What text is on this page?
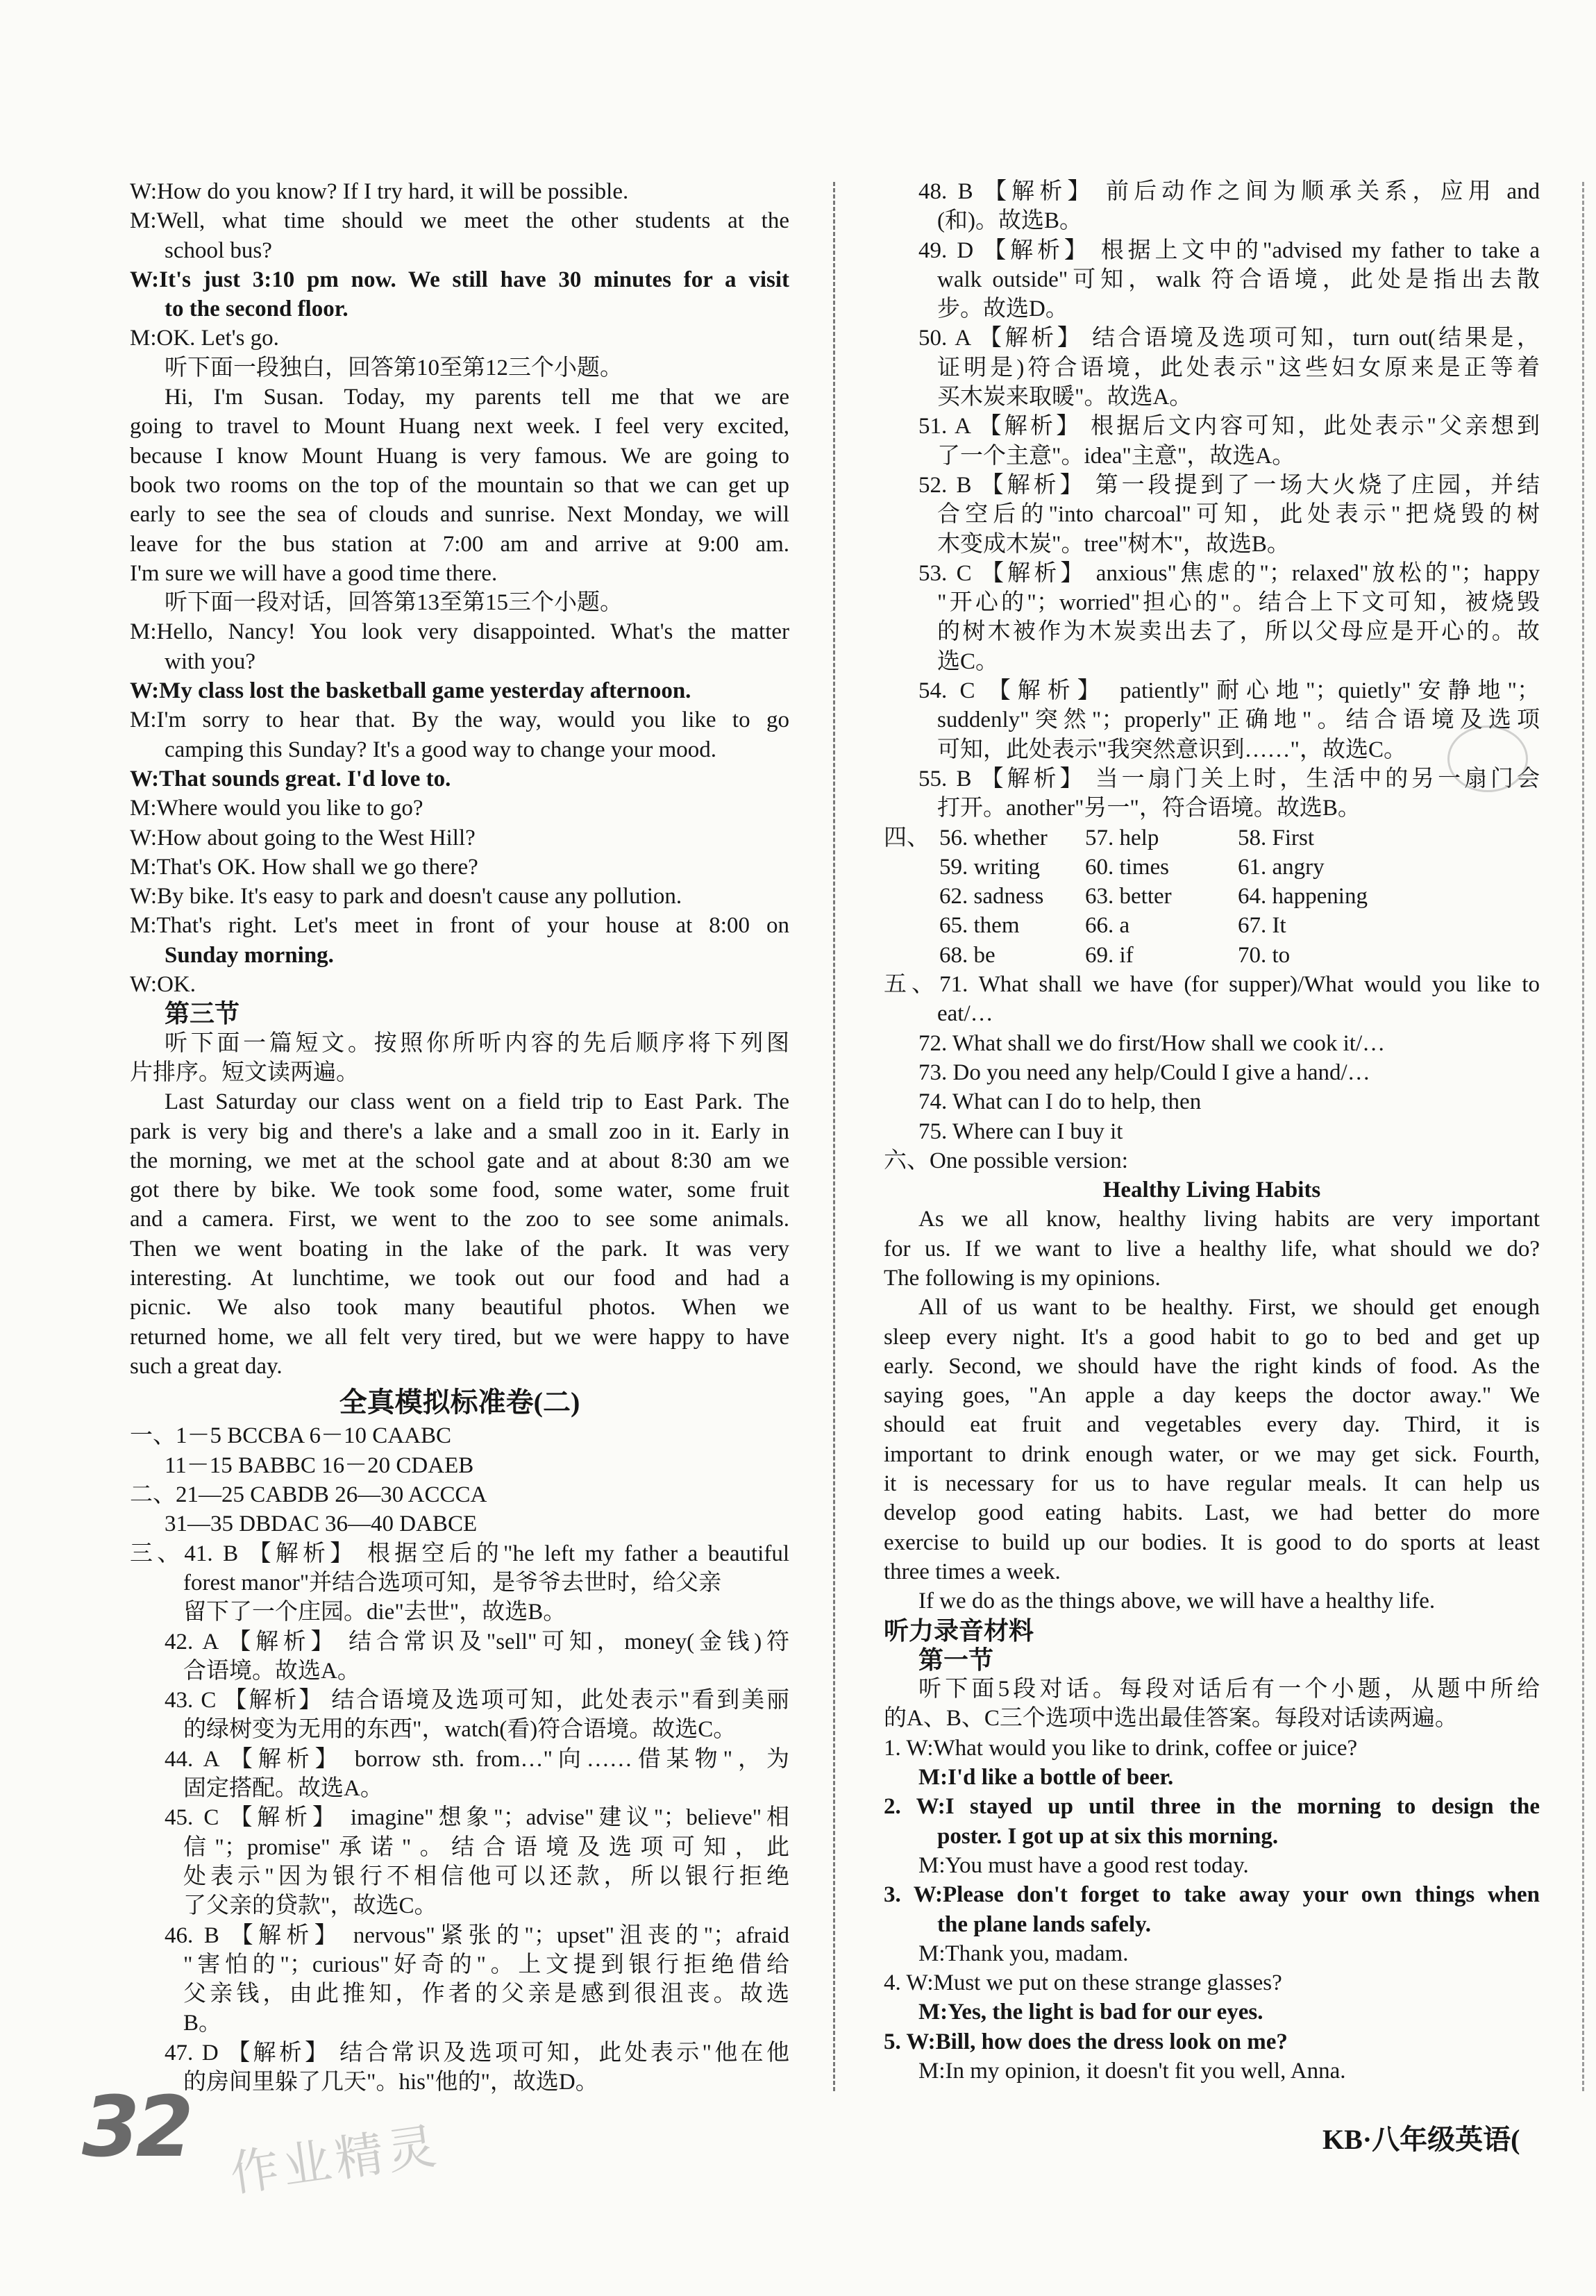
W:How do you know? If I try hard, it will be possible.
M:Well, what time should we meet the other students at the
school bus?
W:It's just 3:10 pm now. We still have 30 minutes for a visit
to the second floor.
M:OK. Let's go.
听下面一段独白，回答第10至第12三个小题。
Hi, I'm Susan. Today, my parents tell me that we are
going to travel to Mount Huang next week. I feel very excited,
because I know Mount Huang is very famous. We are going to
book two rooms on the top of the mountain so that we can get up
early to see the sea of clouds and sunrise. Next Monday, we will
leave for the bus station at 7:00 am and arrive at 9:00 am.
I'm sure we will have a good time there.
听下面一段对话，回答第13至第15三个小题。
M:Hello, Nancy! You look very disappointed. What's the matter
with you?
W:My class lost the basketball game yesterday afternoon.
M:I'm sorry to hear that. By the way, would you like to go
camping this Sunday? It's a good way to change your mood.
W:That sounds great. I'd love to.
M:Where would you like to go?
W:How about going to the West Hill?
M:That's OK. How shall we go there?
W:By bike. It's easy to park and doesn't cause any pollution.
M:That's right. Let's meet in front of your house at 8:00 on
Sunday morning.
W:OK.
第三节
听下面一篇短文。按照你所听内容的先后顺序将下列图
片排序。短文读两遍。
Last Saturday our class went on a field trip to East Park. The
park is very big and there's a lake and a small zoo in it. Early in
the morning, we met at the school gate and at about 8:30 am we
got there by bike. We took some food, some water, some fruit
and a camera. First, we went to the zoo to see some animals.
Then we went boating in the lake of the park. It was very
interesting. At lunchtime, we took out our food and had a
picnic. We also took many beautiful photos. When we
returned home, we all felt very tired, but we were happy to have
such a great day.
全真模拟标准卷(二)
一、1－5 BCCBA 6－10 CAABC
11－15 BABBC 16－20 CDAEB
二、21—25 CABDB 26—30 ACCCA
31—35 DBDAC 36—40 DABCE
三、41. B 【解析】 根据空后的"he left my father a beautiful
forest manor"并结合选项可知，是爷爷去世时，给父亲
留下了一个庄园。die"去世"，故选B。
42. A 【解析】 结合常识及"sell"可知，money(金钱)符
合语境。故选A。
43. C 【解析】 结合语境及选项可知，此处表示"看到美丽
的绿树变为无用的东西"，watch(看)符合语境。故选C。
44. A 【解析】 borrow sth. from…"向……借某物"，为
固定搭配。故选A。
45. C 【解析】 imagine"想象"；advise"建议"；believe"相
信"；promise"承诺"。结合语境及选项可知，此
处表示"因为银行不相信他可以还款，所以银行拒绝
了父亲的贷款"，故选C。
46. B 【解析】 nervous"紧张的"；upset"沮丧的"；afraid
"害怕的"；curious"好奇的"。上文提到银行拒绝借给
父亲钱，由此推知，作者的父亲是感到很沮丧。故选
B。
47. D 【解析】 结合常识及选项可知，此处表示"他在他
的房间里躲了几天"。his"他的"，故选D。
48. B 【解析】 前后动作之间为顺承关系，应用 and
(和)。故选B。
49. D 【解析】 根据上文中的"advised my father to take a
walk outside"可知，walk 符合语境，此处是指出去散
步。故选D。
50. A 【解析】 结合语境及选项可知，turn out(结果是，
证明是)符合语境，此处表示"这些妇女原来是正等着
买木炭来取暖"。故选A。
51. A 【解析】 根据后文内容可知，此处表示"父亲想到
了一个主意"。idea"主意"，故选A。
52. B 【解析】 第一段提到了一场大火烧了庄园，并结
合空后的"into charcoal"可知，此处表示"把烧毁的树
木变成木炭"。tree"树木"，故选B。
53. C 【解析】 anxious"焦虑的"；relaxed"放松的"；happy
"开心的"；worried"担心的"。结合上下文可知，被烧毁
的树木被作为木炭卖出去了，所以父母应是开心的。故
选C。
54. C 【解析】 patiently"耐心地"；quietly"安静地"；
suddenly"突然"；properly"正确地"。结合语境及选项
可知，此处表示"我突然意识到……"，故选C。
55. B 【解析】 当一扇门关上时，生活中的另一扇门会
打开。another"另一"，符合语境。故选B。
四、 56. whether	57. help	58. First
59. writing	60. times	61. angry
62. sadness	63. better	64. happening
65. them	66. a	67. It
68. be	69. if	70. to
五、71. What shall we have (for supper)/What would you like to
eat/…
72. What shall we do first/How shall we cook it/…
73. Do you need any help/Could I give a hand/…
74. What can I do to help, then
75. Where can I buy it
六、One possible version:
Healthy Living Habits
As we all know, healthy living habits are very important
for us. If we want to live a healthy life, what should we do?
The following is my opinions.
All of us want to be healthy. First, we should get enough
sleep every night. It's a good habit to go to bed and get up
early. Second, we should have the right kinds of food. As the
saying goes, "An apple a day keeps the doctor away." We
should eat fruit and vegetables every day. Third, it is
important to drink enough water, or we may get sick. Fourth,
it is necessary for us to have regular meals. It can help us
develop good eating habits. Last, we had better do more
exercise to build up our bodies. It is good to do sports at least
three times a week.
If we do as the things above, we will have a healthy life.
听力录音材料
第一节
听下面5段对话。每段对话后有一个小题，从题中所给
的A、B、C三个选项中选出最佳答案。每段对话读两遍。
1. W:What would you like to drink, coffee or juice?
M:I'd like a bottle of beer.
2. W:I stayed up until three in the morning to design the
poster. I got up at six this morning.
M:You must have a good rest today.
3. W:Please don't forget to take away your own things when
the plane lands safely.
M:Thank you, madam.
4. W:Must we put on these strange glasses?
M:Yes, the light is bad for our eyes.
5. W:Bill, how does the dress look on me?
M:In my opinion, it doesn't fit you well, Anna.
32 作业精灵	KB·八年级英语(
